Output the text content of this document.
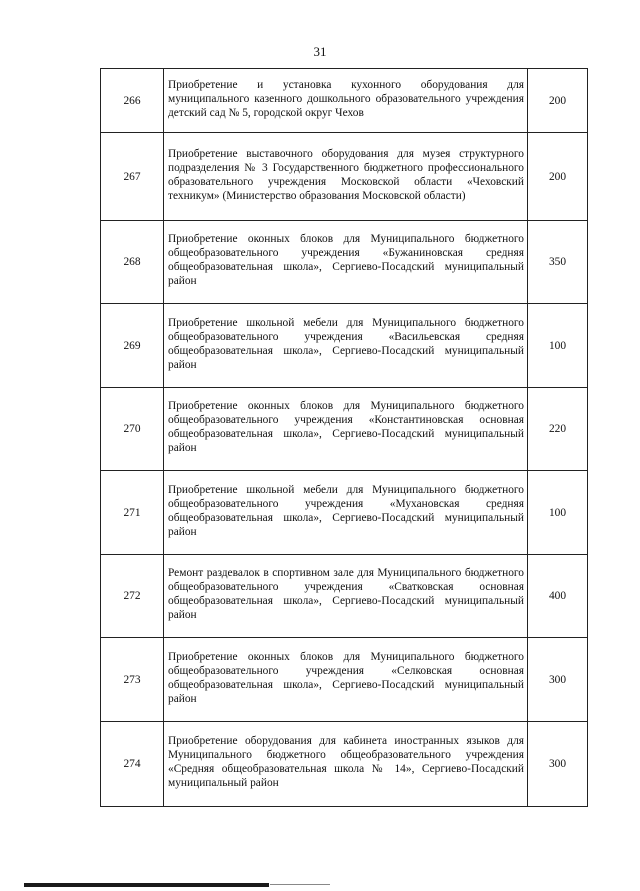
31
266	Приобретение и установка кухонного оборудования для муниципального казенного дошкольного образовательного учреждения детский сад № 5, городской округ Чехов	200
267	Приобретение выставочного оборудования для музея структурного подразделения № 3 Государственного бюджетного профессионального образовательного учреждения Московской области «Чеховский техникум» (Министерство образования Московской области)	200
268	Приобретение оконных блоков для Муниципального бюджетного общеобразовательного учреждения «Бужаниновская средняя общеобразовательная школа», Сергиево-Посадский муниципальный район	350
269	Приобретение школьной мебели для Муниципального бюджетного общеобразовательного учреждения «Васильевская средняя общеобразовательная школа», Сергиево-Посадский муниципальный район	100
270	Приобретение оконных блоков для Муниципального бюджетного общеобразовательного учреждения «Константиновская основная общеобразовательная школа», Сергиево-Посадский муниципальный район	220
271	Приобретение школьной мебели для Муниципального бюджетного общеобразовательного учреждения «Мухановская средняя общеобразовательная школа», Сергиево-Посадский муниципальный район	100
272	Ремонт раздевалок в спортивном зале для Муниципального бюджетного общеобразовательного учреждения «Сватковская основная общеобразовательная школа», Сергиево-Посадский муниципальный район	400
273	Приобретение оконных блоков для Муниципального бюджетного общеобразовательного учреждения «Селковская основная общеобразовательная школа», Сергиево-Посадский муниципальный район	300
274	Приобретение оборудования для кабинета иностранных языков для Муниципального бюджетного общеобразовательного учреждения «Средняя общеобразовательная школа № 14», Сергиево-Посадский муниципальный район	300
